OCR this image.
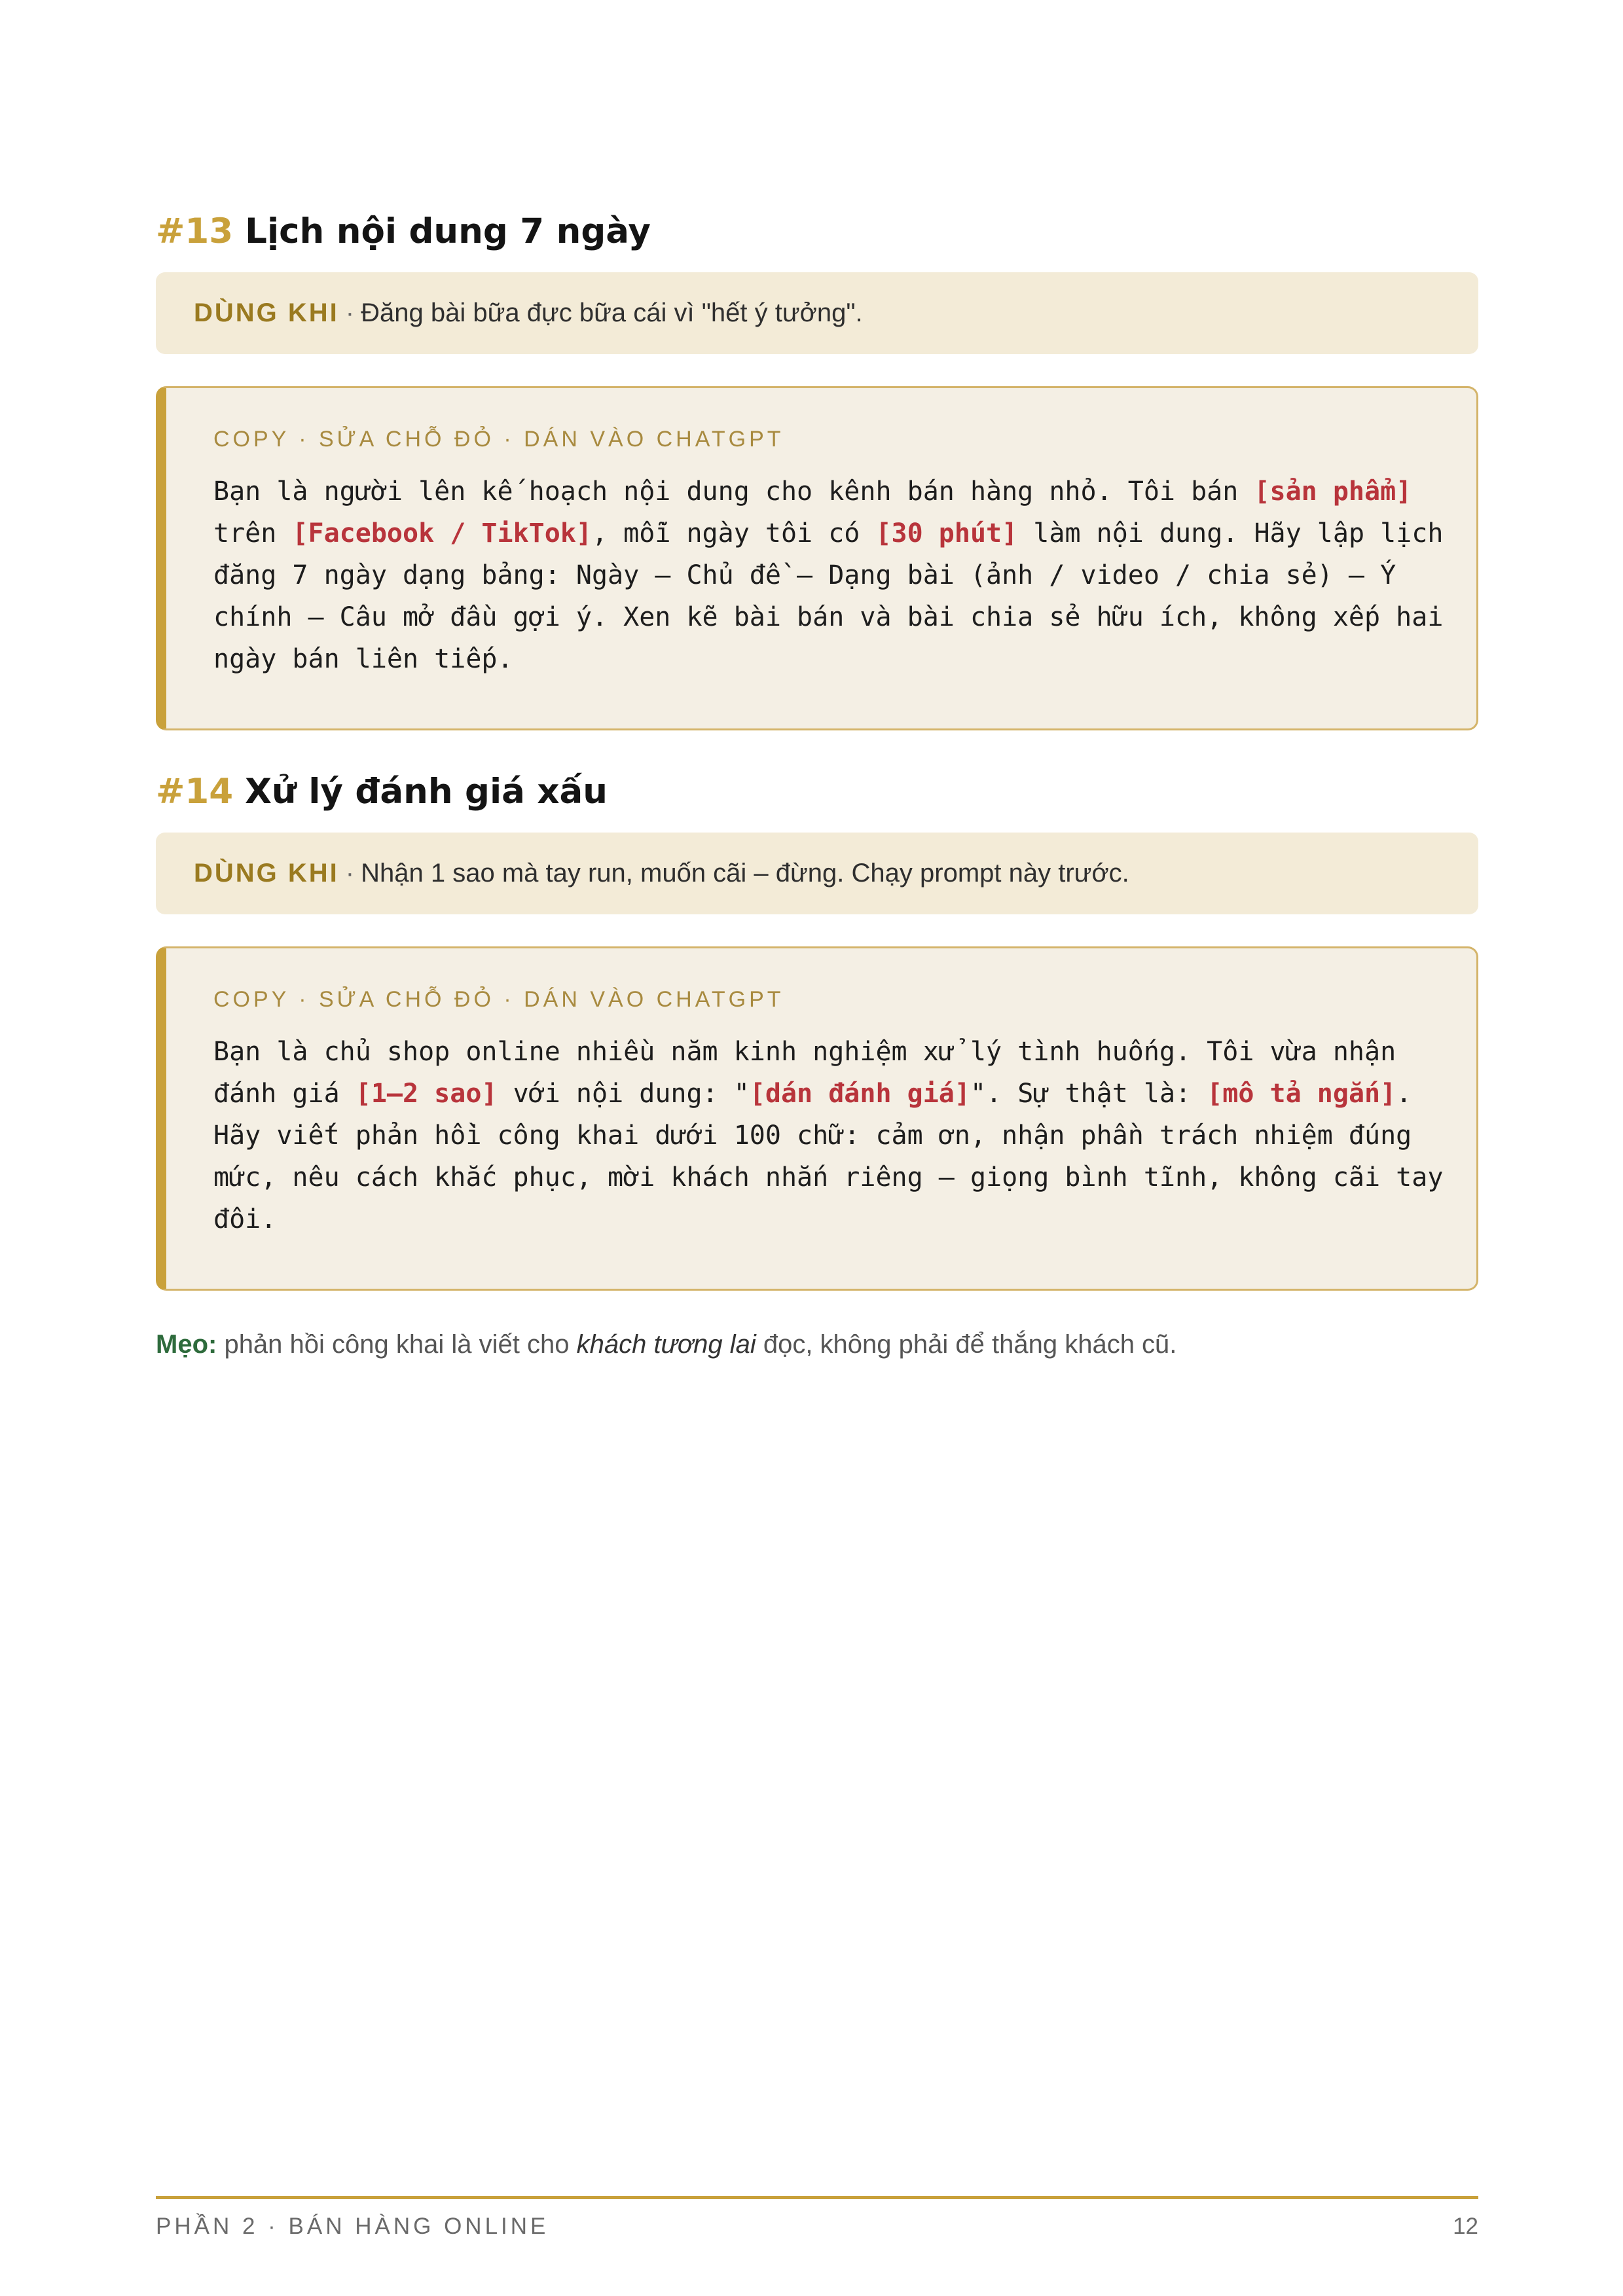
#13 Lịch nội dung 7 ngày
DÙNG KHI · Đăng bài bữa đực bữa cái vì "hết ý tưởng".
COPY · SỬA CHỖ ĐỎ · DÁN VÀO CHATGPT
Bạn là người lên kế hoạch nội dung cho kênh bán hàng nhỏ. Tôi bán [sản phẩm]
trên [Facebook / TikTok], mỗi ngày tôi có [30 phút] làm nội dung. Hãy lập lịch
đăng 7 ngày dạng bảng: Ngày — Chủ đề — Dạng bài (ảnh / video / chia sẻ) — Ý
chính — Câu mở đầu gợi ý. Xen kẽ bài bán và bài chia sẻ hữu ích, không xếp hai
ngày bán liên tiếp.
#14 Xử lý đánh giá xấu
DÙNG KHI · Nhận 1 sao mà tay run, muốn cãi – đừng. Chạy prompt này trước.
COPY · SỬA CHỖ ĐỎ · DÁN VÀO CHATGPT
Bạn là chủ shop online nhiều năm kinh nghiệm xử lý tình huống. Tôi vừa nhận
đánh giá [1–2 sao] với nội dung: "[dán đánh giá]". Sự thật là: [mô tả ngắn].
Hãy viết phản hồi công khai dưới 100 chữ: cảm ơn, nhận phần trách nhiệm đúng
mức, nêu cách khắc phục, mời khách nhắn riêng — giọng bình tĩnh, không cãi tay
đôi.
Mẹo: phản hồi công khai là viết cho khách tương lai đọc, không phải để thắng khách cũ.
PHẦN 2 · BÁN HÀNG ONLINE	12
